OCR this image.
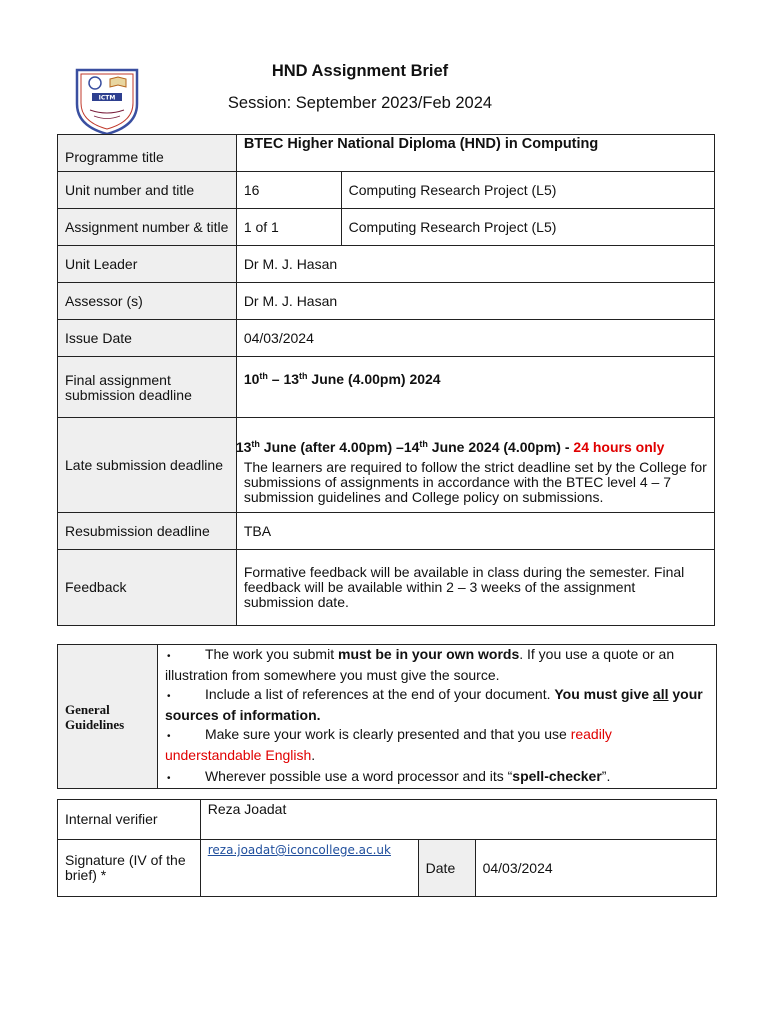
ICTM
HND Assignment Brief
Session: September 2023/Feb 2024
Programme title	BTEC Higher National Diploma (HND) in Computing	
Unit number and title	16	Computing Research Project (L5)
Assignment number & title	1 of 1	Computing Research Project (L5)
Unit Leader	Dr M. J. Hasan	
Assessor (s)	Dr M. J. Hasan	
Issue Date	04/03/2024	
Final assignment submission deadline	10th – 13th June (4.00pm) 2024	
Late submission deadline	13th June (after 4.00pm) –14th June 2024 (4.00pm) - 24 hours only
The learners are required to follow the strict deadline set by the College for submissions of assignments in accordance with the BTEC level 4 – 7 submission guidelines and College policy on submissions.	

Resubmission deadline	TBA	
Feedback	Formative feedback will be available in class during the semester. Final feedback will be available within 2 – 3 weeks of the assignment submission date.	
General Guidelines	

• The work you submit must be in your own words. If you use a quote or an illustration from somewhere you must give the source.

• Include a list of references at the end of your document. You must give all your sources of information.

• Make sure your work is clearly presented and that you use readily understandable English.

• Wherever possible use a word processor and its “spell-checker”.

Internal verifier	Reza Joadat		
Signature (IV of the brief) *	reza.joadat@iconcollege.ac.uk	Date	04/03/2024
